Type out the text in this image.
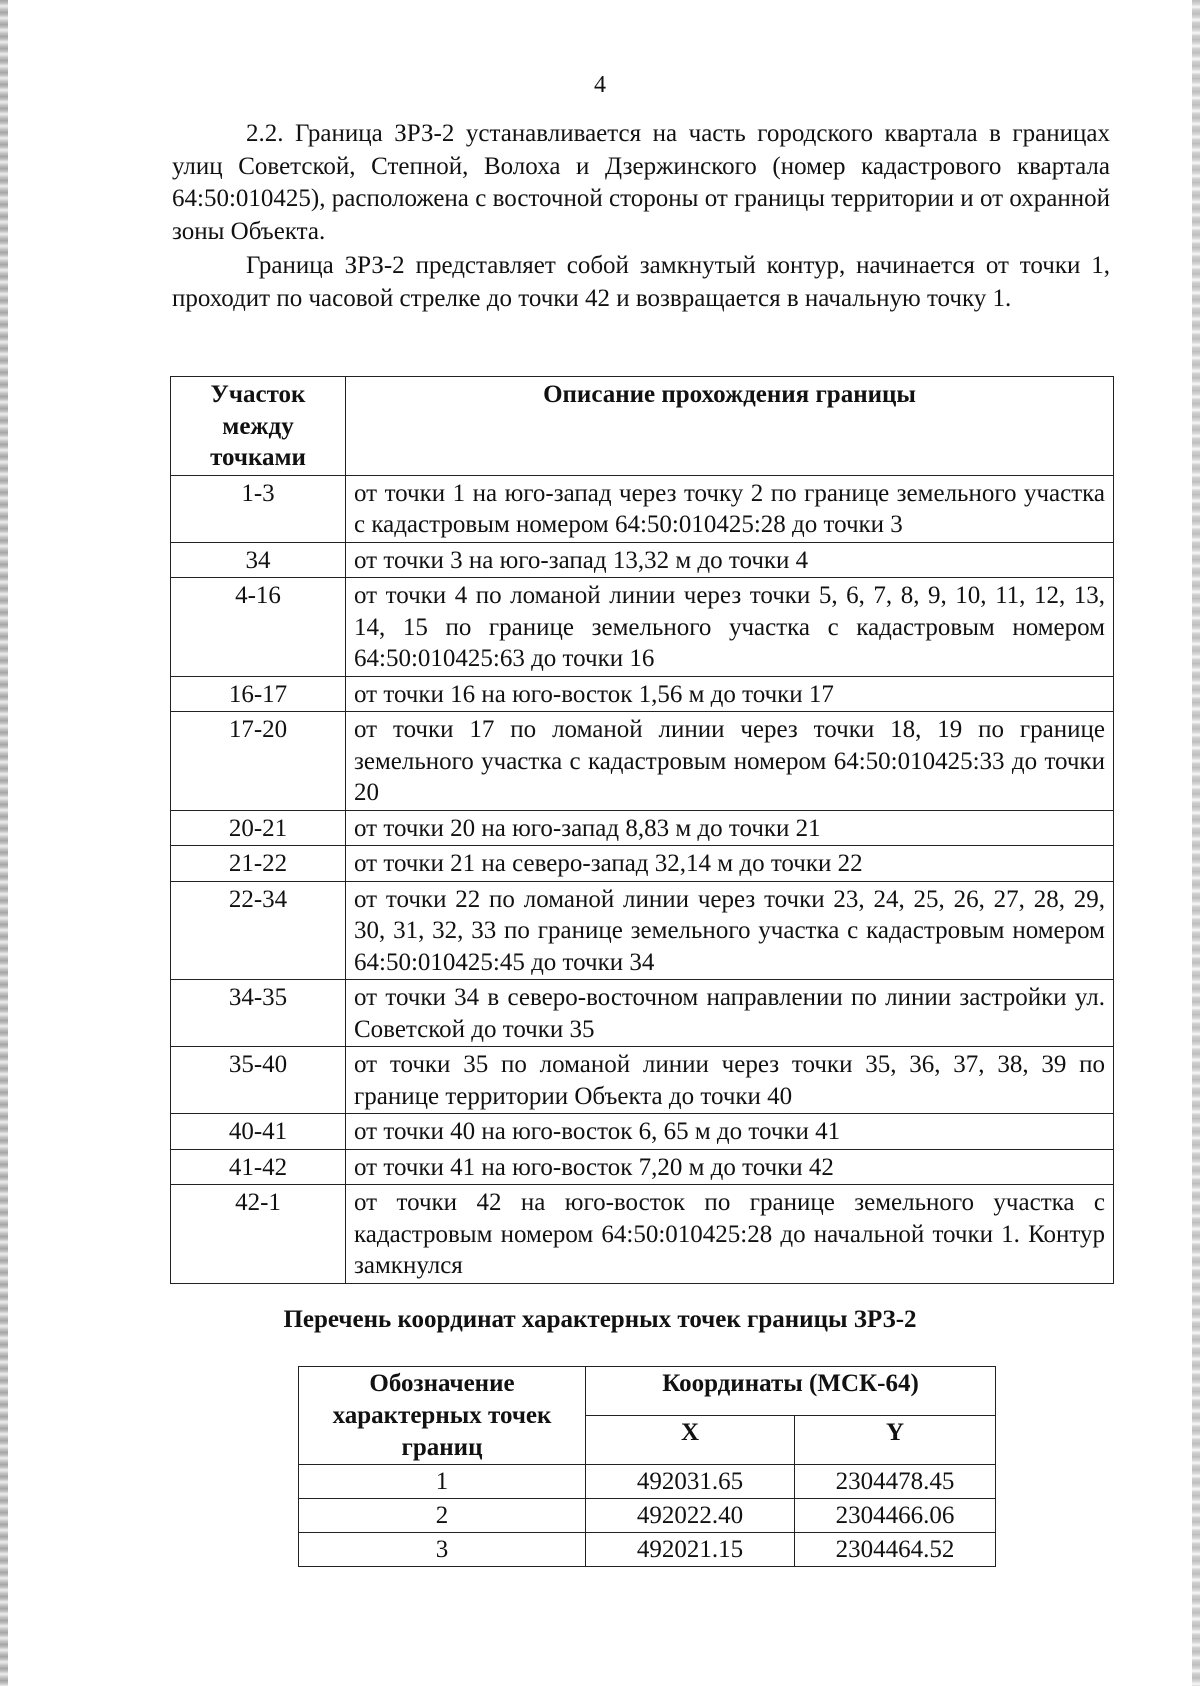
4

2.2. Граница ЗРЗ-2 устанавливается на часть городского квартала в границах улиц Советской, Степной, Волоха и Дзержинского (номер кадастрового квартала 64:50:010425), расположена с восточной стороны от границы территории и от охранной зоны Объекта.

Граница ЗРЗ-2 представляет собой замкнутый контур, начинается от точки 1, проходит по часовой стрелке до точки 42 и возвращается в начальную точку 1.

Участок между точками	Описание прохождения границы
1-3	от точки 1 на юго-запад через точку 2 по границе земельного участка с кадастровым номером 64:50:010425:28 до точки 3
34	от точки 3 на юго-запад 13,32 м до точки 4
4-16	от точки 4 по ломаной линии через точки 5, 6, 7, 8, 9, 10, 11, 12, 13, 14, 15 по границе земельного участка с кадастровым номером 64:50:010425:63 до точки 16
16-17	от точки 16 на юго-восток 1,56 м до точки 17
17-20	от точки 17 по ломаной линии через точки 18, 19 по границе земельного участка с кадастровым номером 64:50:010425:33 до точки 20
20-21	от точки 20 на юго-запад 8,83 м до точки 21
21-22	от точки 21 на северо-запад 32,14 м до точки 22
22-34	от точки 22 по ломаной линии через точки 23, 24, 25, 26, 27, 28, 29, 30, 31, 32, 33 по границе земельного участка с кадастровым номером 64:50:010425:45 до точки 34
34-35	от точки 34 в северо-восточном направлении по линии застройки ул. Советской до точки 35
35-40	от точки 35 по ломаной линии через точки 35, 36, 37, 38, 39 по границе территории Объекта до точки 40
40-41	от точки 40 на юго-восток 6, 65 м до точки 41
41-42	от точки 41 на юго-восток 7,20 м до точки 42
42-1	от точки 42 на юго-восток по границе земельного участка с кадастровым номером 64:50:010425:28 до начальной точки 1. Контур замкнулся
Перечень координат характерных точек границы ЗРЗ-2
Обозначение характерных точек границ	Координаты (МСК-64)	
	X	Y
1	492031.65	2304478.45
2	492022.40	2304466.06
3	492021.15	2304464.52
